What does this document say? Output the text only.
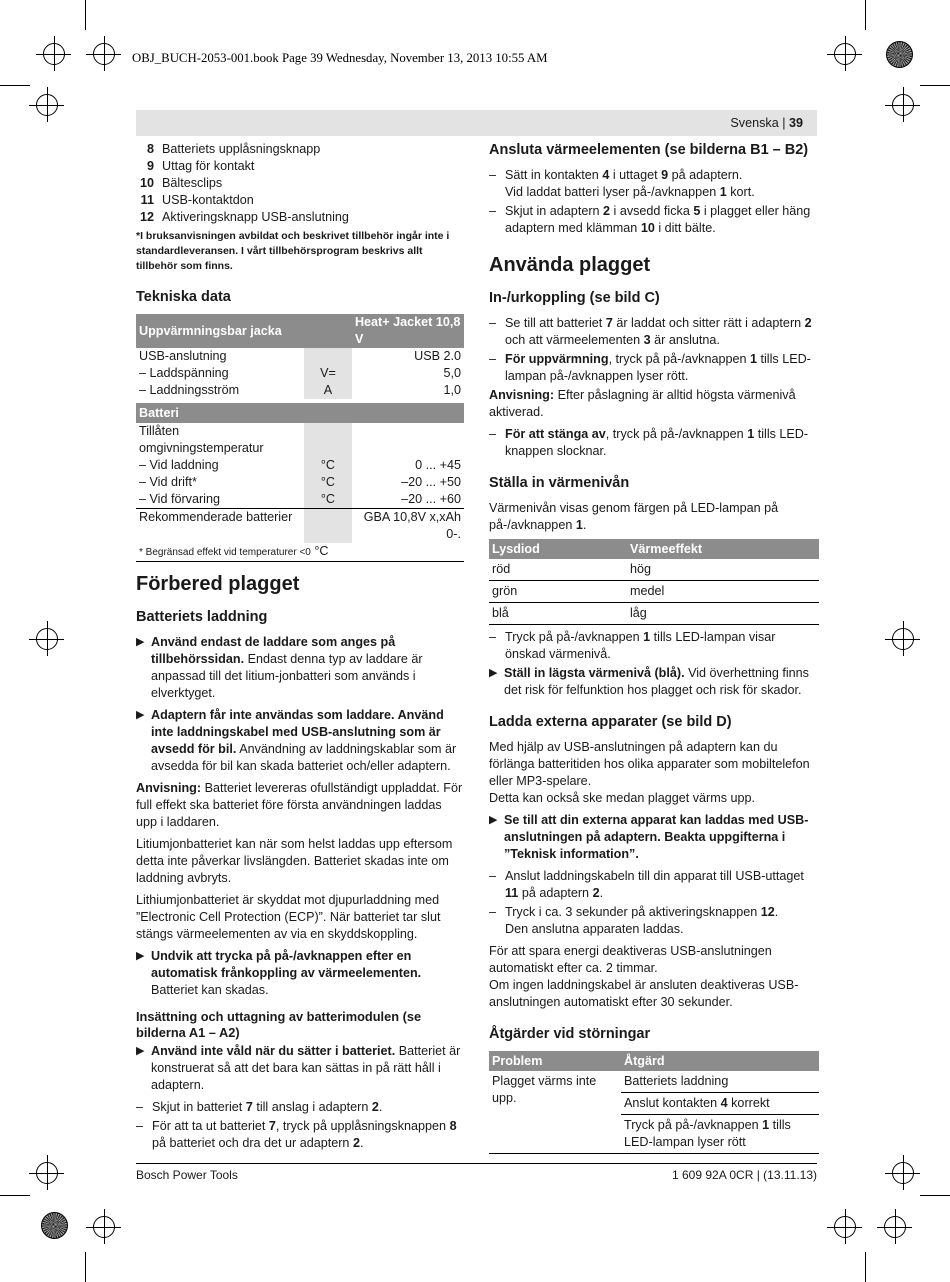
OBJ_BUCH-2053-001.book Page 39 Wednesday, November 13, 2013 10:55 AM
Svenska | 39
8 Batteriets upplåsningsknapp
9 Uttag för kontakt
10 Bältesclips
11 USB-kontaktdon
12 Aktiveringsknapp USB-anslutning
*I bruksanvisningen avbildat och beskrivet tillbehör ingår inte i standardleveransen. I vårt tillbehörsprogram beskrivs allt tillbehör som finns.
Tekniska data
Uppvärmningsbar jacka		Heat+ Jacket 10,8 V
USB-anslutning		USB 2.0
– Laddspänning	V=	5,0
– Laddningsström	A	1,0

Batteri		
Tillåten omgivningstemperatur		
– Vid laddning	°C	0 ... +45
– Vid drift*	°C	–20 ... +50
– Vid förvaring	°C	–20 ... +60
Rekommenderade batterier		GBA 10,8V x,xAh 0-.
* Begränsad effekt vid temperaturer <0 °C		
Förbered plagget
Batteriets laddning
▶ Använd endast de laddare som anges på tillbehörssidan. Endast denna typ av laddare är anpassad till det litium-jonbatteri som används i elverktyget.
▶ Adaptern får inte användas som laddare. Använd inte laddningskabel med USB-anslutning som är avsedd för bil. Användning av laddningskablar som är avsedda för bil kan skada batteriet och/eller adaptern.

Anvisning: Batteriet levereras ofullständigt uppladdat. För full effekt ska batteriet före första användningen laddas upp i laddaren.

Litiumjonbatteriet kan när som helst laddas upp eftersom detta inte påverkar livslängden. Batteriet skadas inte om laddning avbryts.

Lithiumjonbatteriet är skyddat mot djupurladdning med ”Electronic Cell Protection (ECP)”. När batteriet tar slut stängs värmeelementen av via en skyddskoppling.

▶ Undvik att trycka på på-/avknappen efter en automatisk frånkoppling av värmeelementen. Batteriet kan skadas.
Insättning och uttagning av batterimodulen (se bilderna A1 – A2)
▶ Använd inte våld när du sätter i batteriet. Batteriet är konstruerat så att det bara kan sättas in på rätt håll i adaptern.
– Skjut in batteriet 7 till anslag i adaptern 2.
– För att ta ut batteriet 7, tryck på upplåsningsknappen 8 på batteriet och dra det ur adaptern 2.
Ansluta värmeelementen (se bilderna B1 – B2)
– Sätt in kontakten 4 i uttaget 9 på adaptern.
Vid laddat batteri lyser på-/avknappen 1 kort.
– Skjut in adaptern 2 i avsedd ficka 5 i plagget eller häng adaptern med klämman 10 i ditt bälte.
Använda plagget
In-/urkoppling (se bild C)
– Se till att batteriet 7 är laddat och sitter rätt i adaptern 2 och att värmeelementen 3 är anslutna.
– För uppvärmning, tryck på på-/avknappen 1 tills LED-lampan på-/avknappen lyser rött.

Anvisning: Efter påslagning är alltid högsta värmenivå aktiverad.

– För att stänga av, tryck på på-/avknappen 1 tills LED-knappen slocknar.
Ställa in värmenivån

Värmenivån visas genom färgen på LED-lampan på på-/avknappen 1.

Lysdiod	Värmeeffekt
röd	hög
grön	medel
blå	låg
– Tryck på på-/avknappen 1 tills LED-lampan visar önskad värmenivå.
▶ Ställ in lägsta värmenivå (blå). Vid överhettning finns det risk för felfunktion hos plagget och risk för skador.
Ladda externa apparater (se bild D)

Med hjälp av USB-anslutningen på adaptern kan du förlänga batteritiden hos olika apparater som mobiltelefon eller MP3-spelare.

Detta kan också ske medan plagget värms upp.

▶ Se till att din externa apparat kan laddas med USB-anslutningen på adaptern. Beakta uppgifterna i ”Teknisk information”.
– Anslut laddningskabeln till din apparat till USB-uttaget 11 på adaptern 2.
– Tryck i ca. 3 sekunder på aktiveringsknappen 12.
Den anslutna apparaten laddas.

För att spara energi deaktiveras USB-anslutningen automatiskt efter ca. 2 timmar.

Om ingen laddningskabel är ansluten deaktiveras USB-anslutningen automatiskt efter 30 sekunder.

Åtgärder vid störningar
Problem	Åtgärd
Plagget värms inte upp.	Batteriets laddning
	Anslut kontakten 4 korrekt
	Tryck på på-/avknappen 1 tills LED-lampan lyser rött

Bosch Power Tools	1 609 92A 0CR | (13.11.13)
